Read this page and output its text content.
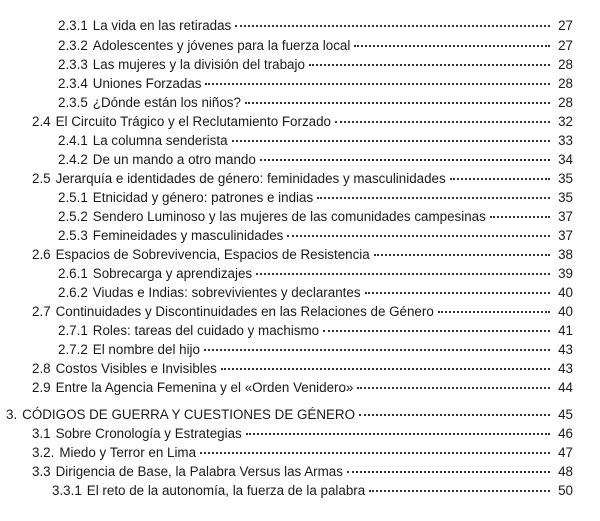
2.3.1 La vida en las retiradas	27
2.3.2 Adolescentes y jóvenes para la fuerza local	27
2.3.3 Las mujeres y la división del trabajo	28
2.3.4 Uniones Forzadas	28
2.3.5 ¿Dónde están los niños?	28
2.4 El Circuito Trágico y el Reclutamiento Forzado	32
2.4.1 La columna senderista	33
2.4.2 De un mando a otro mando	34
2.5 Jerarquía e identidades de género: feminidades y masculinidades	35
2.5.1 Etnicidad y género: patrones e indias	35
2.5.2 Sendero Luminoso y las mujeres de las comunidades campesinas	37
2.5.3 Femineidades y masculinidades	37
2.6 Espacios de Sobrevivencia, Espacios de Resistencia	38
2.6.1 Sobrecarga y aprendizajes	39
2.6.2 Viudas e Indias: sobrevivientes y declarantes	40
2.7 Continuidades y Discontinuidades en las Relaciones de Género	40
2.7.1 Roles: tareas del cuidado y machismo	41
2.7.2 El nombre del hijo	43
2.8 Costos Visibles e Invisibles	43
2.9 Entre la Agencia Femenina y el «Orden Venidero»	44
3. CÓDIGOS DE GUERRA Y CUESTIONES DE GÉNERO	45
3.1 Sobre Cronología y Estrategias	46
3.2. Miedo y Terror en Lima	47
3.3 Dirigencia de Base, la Palabra Versus las Armas	48
3.3.1 El reto de la autonomía, la fuerza de la palabra	50
